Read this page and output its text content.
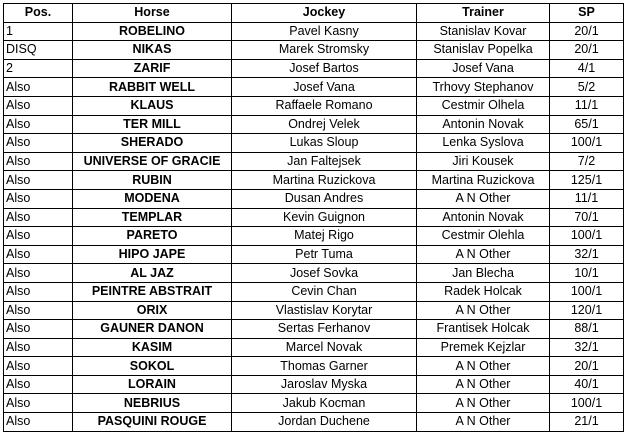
Pos.	Horse	Jockey	Trainer	SP
1	ROBELINO	Pavel Kasny	Stanislav Kovar	20/1
DISQ	NIKAS	Marek Stromsky	Stanislav Popelka	20/1
2	ZARIF	Josef Bartos	Josef Vana	4/1
Also	RABBIT WELL	Josef Vana	Trhovy Stephanov	5/2
Also	KLAUS	Raffaele Romano	Cestmir Olhela	11/1
Also	TER MILL	Ondrej Velek	Antonin Novak	65/1
Also	SHERADO	Lukas Sloup	Lenka Syslova	100/1
Also	UNIVERSE OF GRACIE	Jan Faltejsek	Jiri Kousek	7/2
Also	RUBIN	Martina Ruzickova	Martina Ruzickova	125/1
Also	MODENA	Dusan Andres	A N Other	11/1
Also	TEMPLAR	Kevin Guignon	Antonin Novak	70/1
Also	PARETO	Matej Rigo	Cestmir Olehla	100/1
Also	HIPO JAPE	Petr Tuma	A N Other	32/1
Also	AL JAZ	Josef Sovka	Jan Blecha	10/1
Also	PEINTRE ABSTRAIT	Cevin Chan	Radek Holcak	100/1
Also	ORIX	Vlastislav Korytar	A N Other	120/1
Also	GAUNER DANON	Sertas Ferhanov	Frantisek Holcak	88/1
Also	KASIM	Marcel Novak	Premek Kejzlar	32/1
Also	SOKOL	Thomas Garner	A N Other	20/1
Also	LORAIN	Jaroslav Myska	A N Other	40/1
Also	NEBRIUS	Jakub Kocman	A N Other	100/1
Also	PASQUINI ROUGE	Jordan Duchene	A N Other	21/1
